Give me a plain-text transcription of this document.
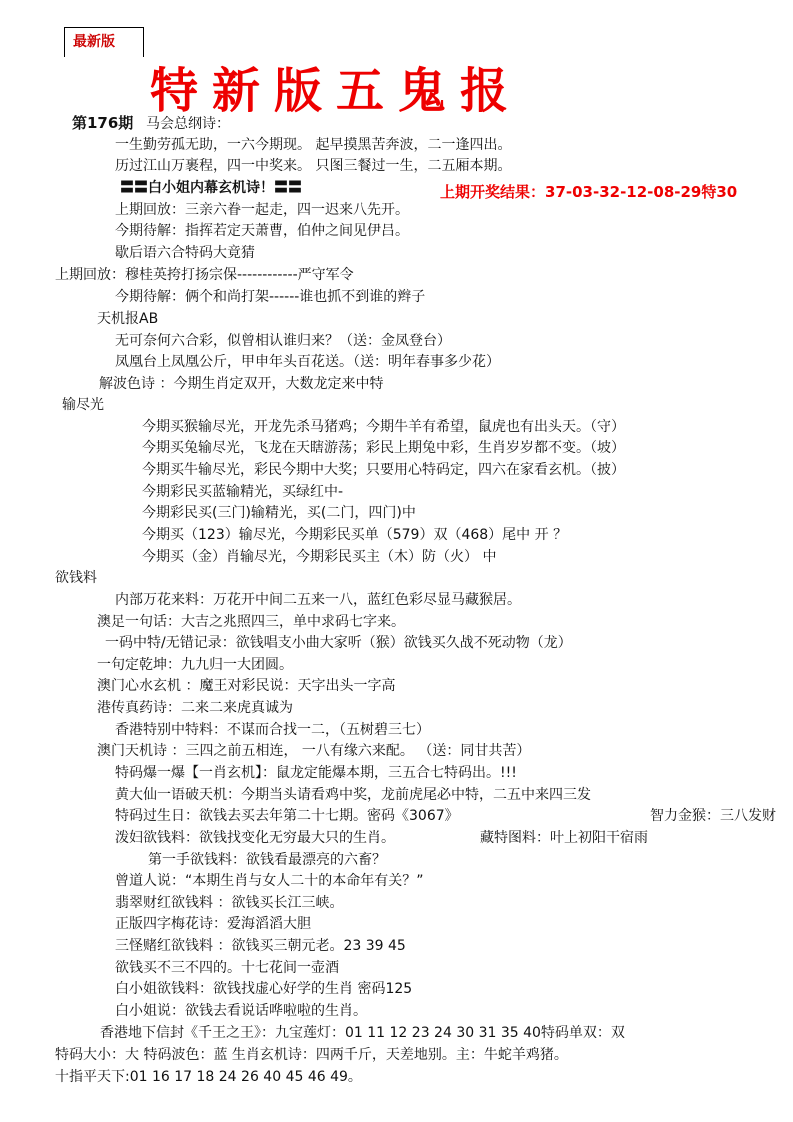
最新版
特新版五鬼报
第176期
上期开奖结果：37-03-32-12-08-29特30
马会总纲诗：
一生勤劳孤无助，一六今期现。 起早摸黑苦奔波，二一逢四出。
历过江山万裹程，四一中奖来。 只图三餐过一生，二五厢本期。
〓〓白小姐内幕玄机诗！〓〓
上期回放：三亲六眷一起走，四一迟来八先开。
今期待解：指挥若定天萧曹，伯仲之间见伊吕。
歇后语六合特码大竟猜
上期回放：穆桂英挎打扬宗保------------严守军令
今期待解：俩个和尚打架------谁也抓不到谁的辫子
天机报AB
无可奈何六合彩，似曾相认谁归来？（送：金凤登台）
凤凰台上凤凰公斤，甲申年头百花送。（送：明年春事多少花）
解波色诗 ：今期生肖定双开，大数龙定来中特
输尽光
今期买猴输尽光，开龙先杀马猪鸡；今期牛羊有希望，鼠虎也有出头天。（守）
今期买兔输尽光，飞龙在天瞎游荡；彩民上期兔中彩，生肖岁岁都不变。（坡）
今期买牛输尽光，彩民今期中大奖；只要用心特码定，四六在家看玄机。（披）
今期彩民买蓝输精光，买绿红中-
今期彩民买(三门)输精光，买(二门，四门)中
今期买（123）输尽光，今期彩民买单（579）双（468）尾中 开 ？
今期买（金）肖输尽光，今期彩民买主（木）防（火） 中
欲钱料
内部万花来料：万花开中间二五来一八，蓝红色彩尽显马藏猴居。
澳足一句话：大吉之兆照四三，单中求码七字来。
一码中特/无错记录：欲钱唱支小曲大家听（猴）欲钱买久战不死动物（龙）
一句定乾坤：九九归一大团圆。
澳门心水玄机 ：魔王对彩民说：天字出头一字高
港传真药诗：二来二来虎真诚为
香港特别中特料：不谋而合找一二，（五树碧三七）
澳门天机诗 ：三四之前五相连， 一八有缘六来配。 （送：同甘共苦）
特码爆一爆【一肖玄机】：鼠龙定能爆本期，三五合七特码出。!!!
黄大仙一语破天机：今期当头请看鸡中奖，龙前虎尾必中特，二五中来四三发
特码过生日：欲钱去买去年第二十七期。密码《3067》	智力金猴：三八发财
泼妇欲钱料：欲钱找变化无穷最大只的生肖。	藏特图料：叶上初阳干宿雨
第一手欲钱料：欲钱看最漂亮的六畜？
曾道人说：“本期生肖与女人二十的本命年有关？”
翡翠财红欲钱料 ：欲钱买长江三峡。
正版四字梅花诗：爱海滔滔大胆
三怪赌红欲钱料 ：欲钱买三朝元老。23 39 45
欲钱买不三不四的。十七花间一壶酒
白小姐欲钱料：欲钱找虚心好学的生肖 密码125
白小姐说：欲钱去看说话哗啦啦的生肖。
香港地下信封《千王之王》：九宝莲灯：01 11 12 23 24 30 31 35 40特码单双：双
特码大小：大 特码波色：蓝 生肖玄机诗：四两千斤，天差地别。主：牛蛇羊鸡猪。
十指平天下:01 16 17 18 24 26 40 45 46 49。
